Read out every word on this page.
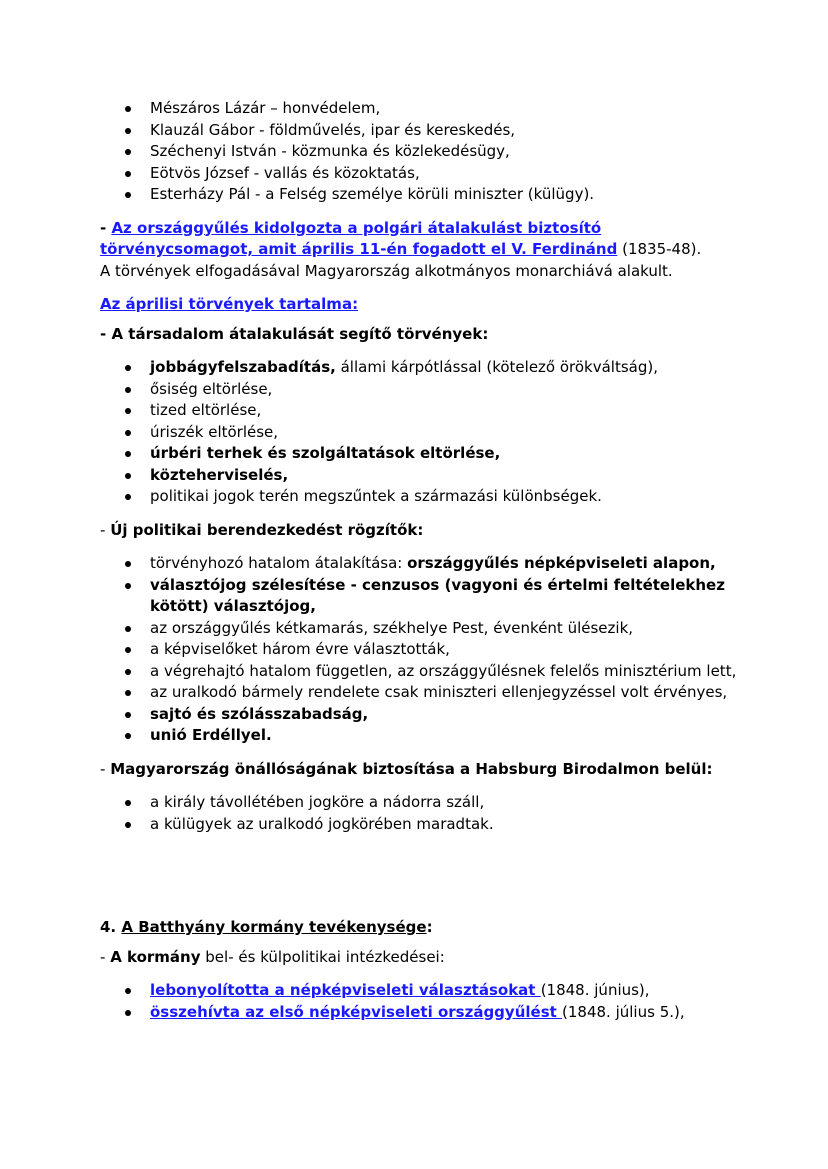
Mészáros Lázár – honvédelem,
Klauzál Gábor - földművelés, ipar és kereskedés,
Széchenyi István - közmunka és közlekedésügy,
Eötvös József - vallás és közoktatás,
Esterházy Pál - a Felség személye körüli miniszter (külügy).

- Az országgyűlés kidolgozta a polgári átalakulást biztosító törvénycsomagot, amit április 11-én fogadott el V. Ferdinánd (1835-48).
A törvények elfogadásával Magyarország alkotmányos monarchiává alakult.

Az áprilisi törvények tartalma:

- A társadalom átalakulását segítő törvények:

jobbágyfelszabadítás, állami kárpótlással (kötelező örökváltság),
ősiség eltörlése,
tized eltörlése,
úriszék eltörlése,
úrbéri terhek és szolgáltatások eltörlése,
közteherviselés,
politikai jogok terén megszűntek a származási különbségek.

- Új politikai berendezkedést rögzítők:

törvényhozó hatalom átalakítása: országgyűlés népképviseleti alapon,
választójog szélesítése - cenzusos (vagyoni és értelmi feltételekhez kötött) választójog,
az országgyűlés kétkamarás, székhelye Pest, évenként ülésezik,
a képviselőket három évre választották,
a végrehajtó hatalom független, az országgyűlésnek felelős minisztérium lett,
az uralkodó bármely rendelete csak miniszteri ellenjegyzéssel volt érvényes,
sajtó és szólásszabadság,
unió Erdéllyel.

- Magyarország önállóságának biztosítása a Habsburg Birodalmon belül:

a király távollétében jogköre a nádorra száll,
a külügyek az uralkodó jogkörében maradtak.

4. A Batthyány kormány tevékenysége:

- A kormány bel- és külpolitikai intézkedései:

lebonyolította a népképviseleti választásokat (1848. június),
összehívta az első népképviseleti országgyűlést (1848. július 5.),
